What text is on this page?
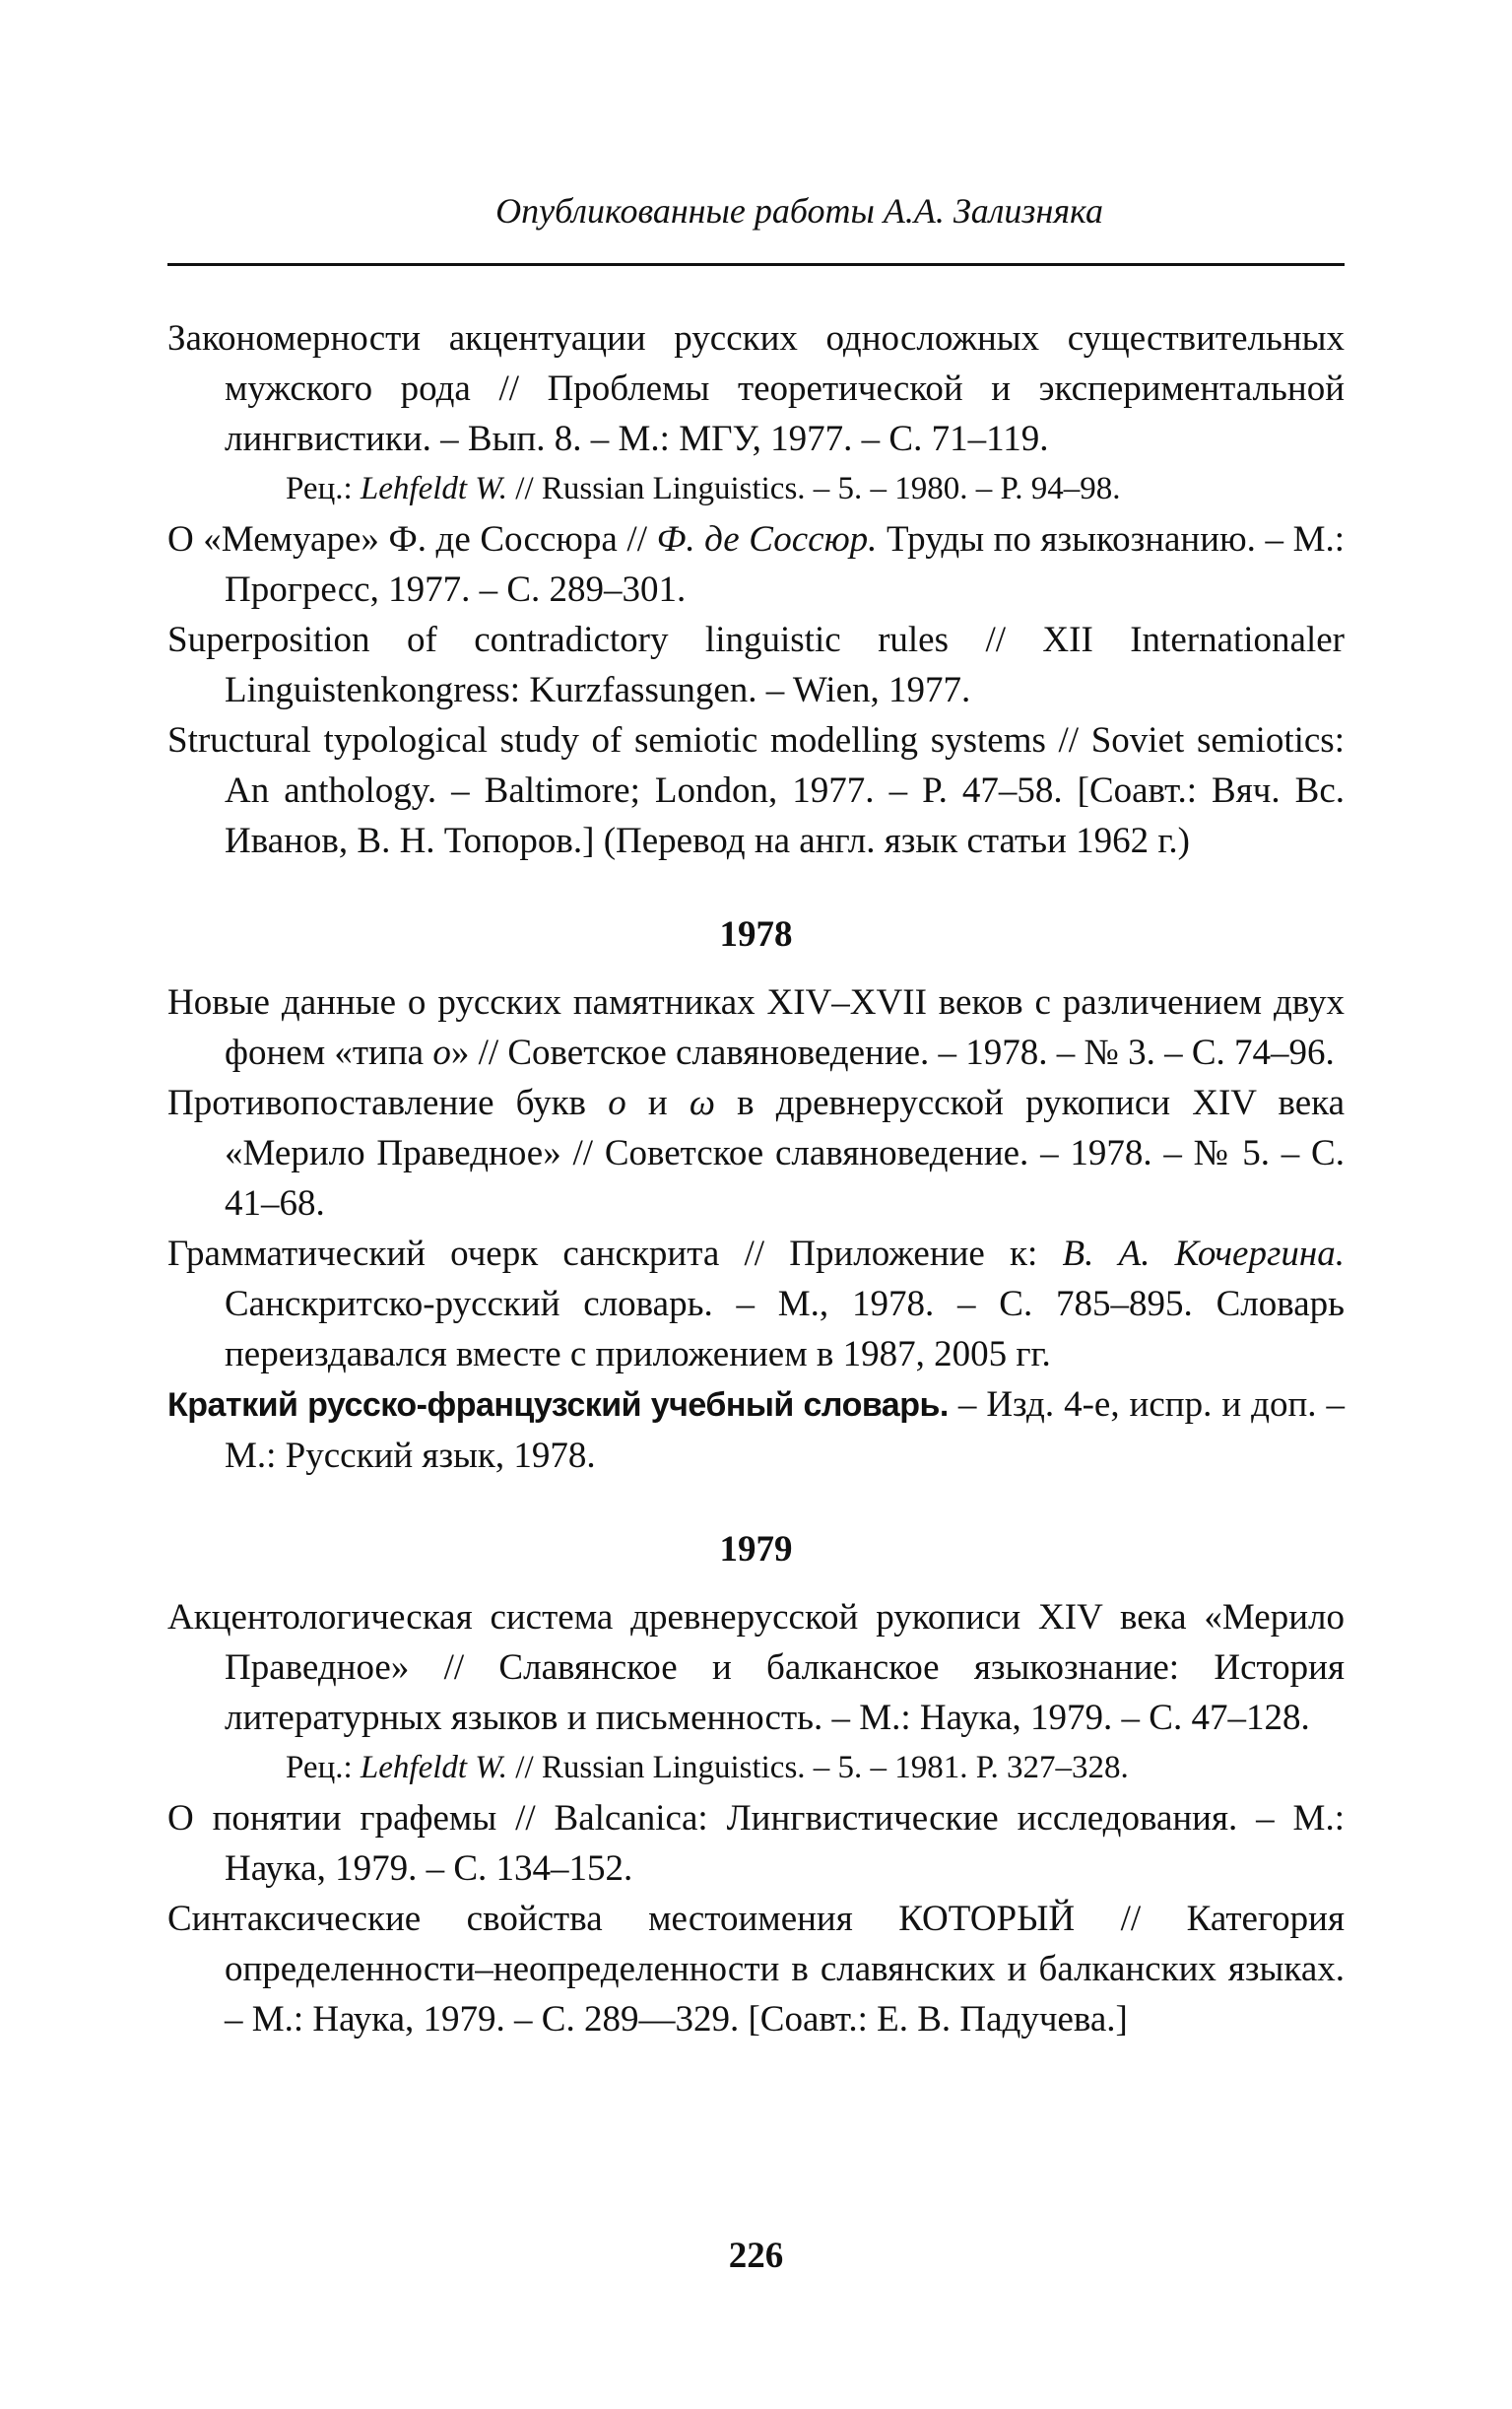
Опубликованные работы А.А. Зализняка

Закономерности акцентуации русских односложных существительных мужского рода // Проблемы теоретической и экспериментальной лингвистики. – Вып. 8. – М.: МГУ, 1977. – С. 71–119.

Рец.: Lehfeldt W. // Russian Linguistics. – 5. – 1980. – P. 94–98.

О «Мемуаре» Ф. де Соссюра // Ф. де Соссюр. Труды по языкознанию. – М.: Прогресс, 1977. – С. 289–301.

Superposition of contradictory linguistic rules // XII Internationaler Linguistenkongress: Kurzfassungen. – Wien, 1977.

Structural typological study of semiotic modelling systems // Soviet semiotics: An anthology. – Baltimore; London, 1977. – P. 47–58. [Соавт.: Вяч. Вс. Иванов, В. Н. Топоров.] (Перевод на англ. язык статьи 1962 г.)

1978

Новые данные о русских памятниках XIV–XVII веков с различением двух фонем «типа о» // Советское славяноведение. – 1978. – № 3. – С. 74–96.

Противопоставление букв о и ω в древнерусской рукописи XIV века «Мерило Праведное» // Советское славяноведение. – 1978. – № 5. – С. 41–68.

Грамматический очерк санскрита // Приложение к: В. А. Кочергина. Санскритско-русский словарь. – М., 1978. – С. 785–895. Словарь переиздавался вместе с приложением в 1987, 2005 гг.

Краткий русско-французский учебный словарь. – Изд. 4-е, испр. и доп. – М.: Русский язык, 1978.

1979

Акцентологическая система древнерусской рукописи XIV века «Мерило Праведное» // Славянское и балканское языкознание: История литературных языков и письменность. – М.: Наука, 1979. – С. 47–128.

Рец.: Lehfeldt W. // Russian Linguistics. – 5. – 1981. P. 327–328.

О понятии графемы // Balcanica: Лингвистические исследования. – М.: Наука, 1979. – С. 134–152.

Синтаксические свойства местоимения КОТОРЫЙ // Категория определенности–неопределенности в славянских и балканских языках. – М.: Наука, 1979. – С. 289—329. [Соавт.: Е. В. Падучева.]

226
